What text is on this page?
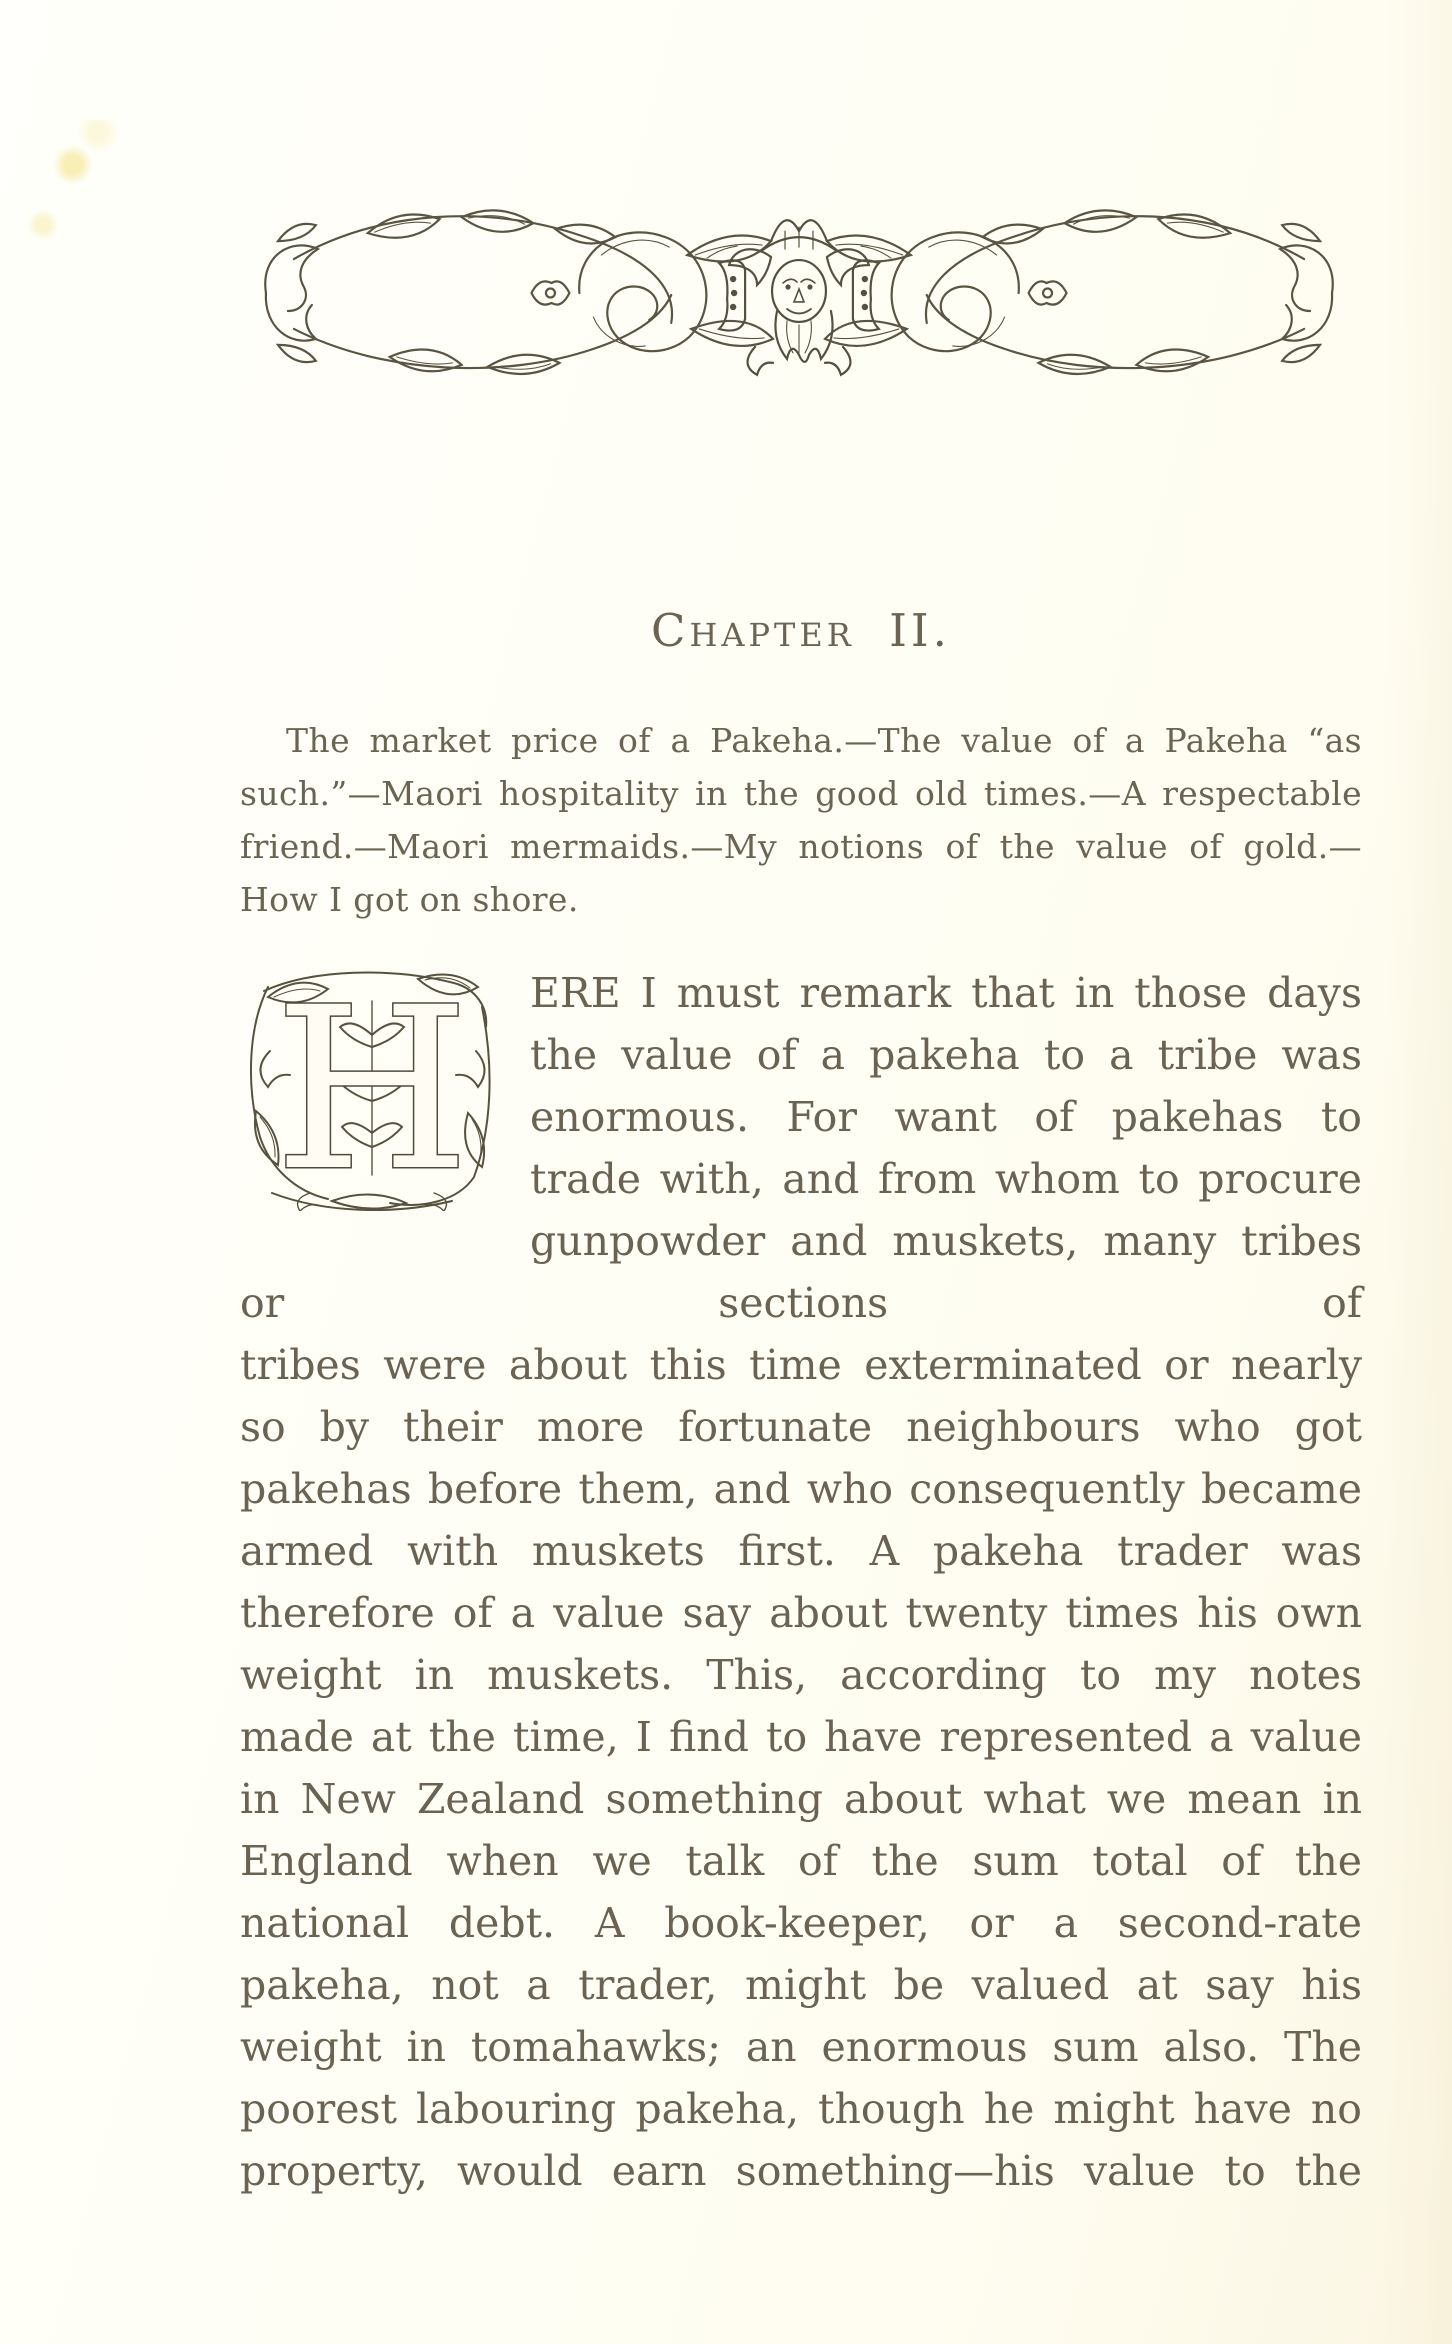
Chapter II.
The market price of a Pakeha.—The value of a Pakeha “as
such.”—Maori hospitality in the good old times.—A respectable
friend.—Maori mermaids.—My notions of the value of gold.—
How I got on shore.
H	ERE I must remark that in those days
the value of a pakeha to a tribe was
enormous. For want of pakehas to
trade with, and from whom to procure
gunpowder and muskets, many tribes or sections of
tribes were about this time exterminated or nearly
so by their more fortunate neighbours who got
pakehas before them, and who consequently became
armed with muskets first. A pakeha trader was
therefore of a value say about twenty times his own
weight in muskets. This, according to my notes
made at the time, I find to have represented a value
in New Zealand something about what we mean in
England when we talk of the sum total of the
national debt. A book-keeper, or a second-rate
pakeha, not a trader, might be valued at say his
weight in tomahawks; an enormous sum also. The
poorest labouring pakeha, though he might have no
property, would earn something—his value to the
